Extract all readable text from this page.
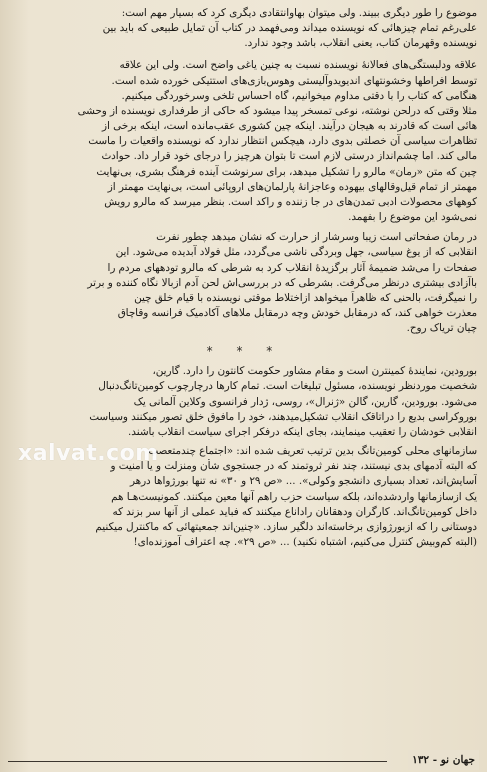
موضوع را طور دیگری ببیند. ولی میتوان بهاوانتقادی دیگری کرد که بسیار مهم است:
علی‌رغم تمام چیزهائی که نویسنده میداند ومی‌فهمد در کتاب آن تمایل طبیعی که باید بین
نویسنده وقهرمان کتاب، یعنی انقلاب، باشد وجود ندارد.
علاقه ودلبستگی‌های فعالانهٔ نویسنده نسبت به چنین یاغی واضح است. ولی این علاقه
توسط افراطها وخشونتهای اندیویدوآلیستی وهوس‌بازی‌های استتیکی خورده شده است.
هنگامی که کتاب را با دقتی مداوم میخوانیم، گاه احساس تلخی وسرخوردگی میکنیم.
مثلا وقتی که درلحن نوشته، نوعی تمسخر پیدا میشود که حاکی از طرفداری نویسنده از وحشی
هائی است که قادرند به هیجان درآیند. اینکه چین کشوری عقب‌مانده است، اینکه برخی از
تظاهرات سیاسی آن خصلتی بدوی دارد، هیچکس انتظار ندارد که نویسنده واقعیات را ماست
مالی کند. اما چشم‌انداز درستی لازم است تا بتوان هرچیز را درجای خود قرار داد. حوادث
چین که متن «رمان» مالرو را تشکیل میدهد، برای سرنوشت آینده فرهنگ بشری، بی‌نهایت
مهمتر از تمام قیل‌وقالهای بیهوده وعاجزانهٔ پارلمان‌های اروپائی است، بی‌نهایت مهمتر از
کوههای محصولات ادبی تمدن‌های در جا زننده و راکد است. بنظر میرسد که مالرو رویش
نمی‌شود این موضوع را بفهمد.
در رمان صفحاتی است زیبا وسرشار از حرارت که نشان میدهد چطور نفرت
انقلابی که از یوغ سیاسی، جهل وبردگی ناشی می‌گردد، مثل فولاد آبدیده می‌شود. این
صفحات را می‌شد ضمیمهٔ آثار برگزیدهٔ انقلاب کرد به شرطی که مالرو تودههای مردم را
باآزادی بیشتری درنظر می‌گرفت. بشرطی که در بررسی‌اش لحن آدم ازبالا نگاه کننده و برتر
را نمیگرفت، بالحنی که ظاهراً میخواهد ازاختلاط موقتی نویسنده با قیام خلق چین
معذرت خواهی کند، که درمقابل خودش وچه درمقابل ملاهای آکادمیک فرانسه وقاچاق
چیان تریاک روح.
* * *
بورودین، نمایندهٔ کمینترن است و مقام مشاور حکومت کانتون را دارد. گارین،
شخصیت موردنظر نویسنده، مسئول تبلیغات است. تمام کارها درچارچوب کومین‌تانگ‌دنبال
می‌شود. بورودین، گارین، گالن «ژنرال»، روسی، ژدار فرانسوی وکلاین آلمانی یک
بوروکراسی بدیع را دراتاقک انقلاب تشکیل‌میدهند، خود را مافوق خلق تصور میکنند وسیاست
انقلابی خودشان را تعقیب مینمایند، بجای اینکه درفکر اجرای سیاست انقلاب باشند.
سازمانهای محلی کومین‌تانگ بدین ترتیب تعریف شده اند: «اجتماع چندمتعصب
که البته آدمهای بدی نیستند، چند نفر ثروتمند که در جستجوی شأن ومنزلت و یا امنیت و
آسایش‌اند، تعداد بسیاری دانشجو وکولی». ... «ص ۲۹ و ۳۰» نه تنها بورژواها درهر
یک ازسازمانها واردشده‌اند، بلکه سیاست حزب راهم آنها معین میکنند. کمونیست‌هـا هم
داخل کومین‌تانگ‌اند. کارگران ودهقانان راداناع میکنند که فباید عملی از آنها سر بزند که
دوستانی را که ازبورژوازی برخاسته‌اند دلگیر سازد. «چنین‌اند جمعیتهائی که ماکنترل میکنیم
(البته کم‌وبیش کنترل می‌کنیم، اشتباه نکنید) ... «ص ۲۹». چه اعتراف آموزنده‌ای!
xalvat.com
جهان نو - ۱۳۲
